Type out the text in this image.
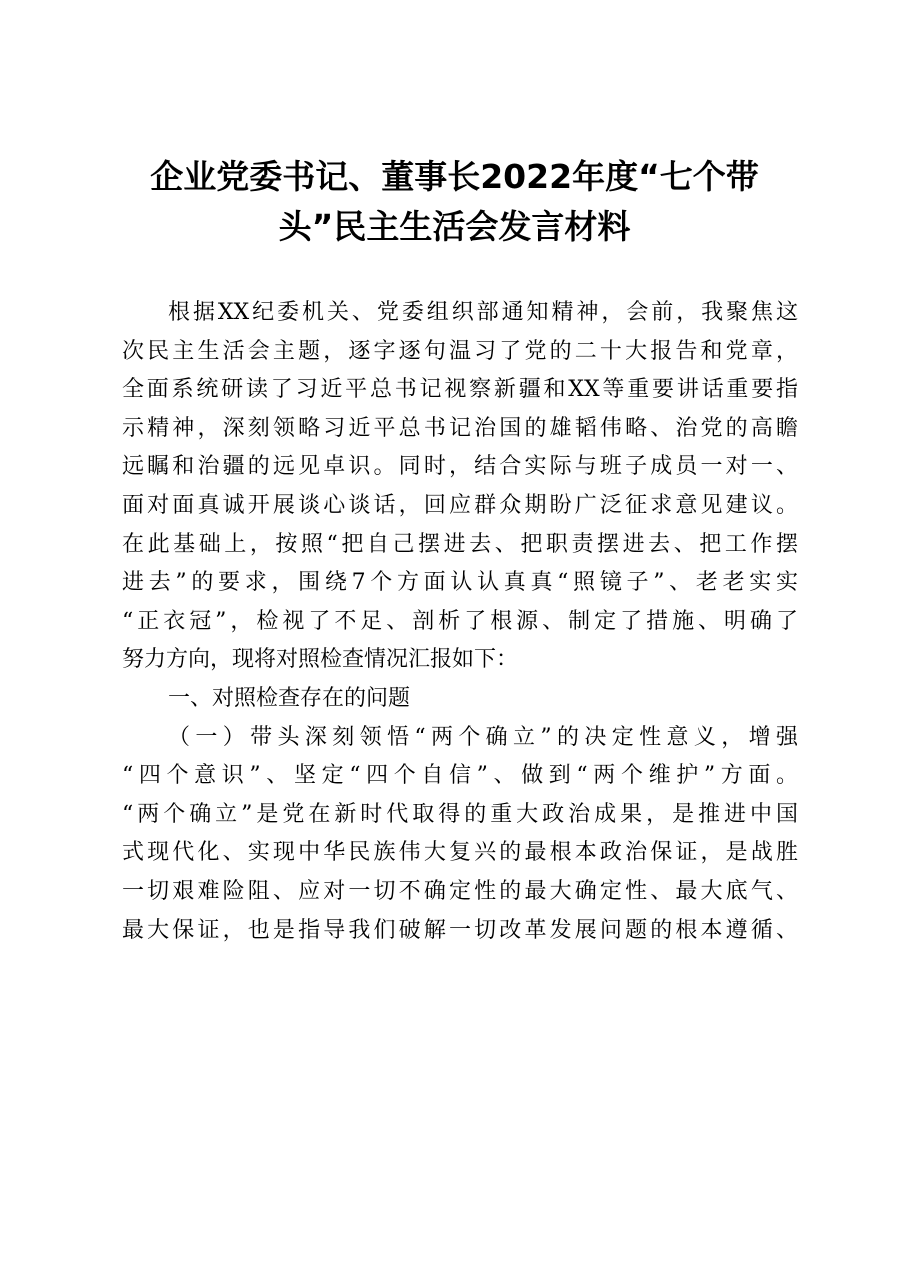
企业党委书记、董事长2022年度“七个带
头”民主生活会发言材料
根据XX纪委机关、党委组织部通知精神，会前，我聚焦这
次民主生活会主题，逐字逐句温习了党的二十大报告和党章，
全面系统研读了习近平总书记视察新疆和XX等重要讲话重要指
示精神，深刻领略习近平总书记治国的雄韬伟略、治党的高瞻
远瞩和治疆的远见卓识。同时，结合实际与班子成员一对一、
面对面真诚开展谈心谈话，回应群众期盼广泛征求意见建议。
在此基础上，按照“把自己摆进去、把职责摆进去、把工作摆
进去”的要求，围绕7个方面认认真真“照镜子”、老老实实
“正衣冠”，检视了不足、剖析了根源、制定了措施、明确了
努力方向，现将对照检查情况汇报如下：
一、对照检查存在的问题
（一）带头深刻领悟“两个确立”的决定性意义，增强
“四个意识”、坚定“四个自信”、做到“两个维护”方面。
“两个确立”是党在新时代取得的重大政治成果，是推进中国
式现代化、实现中华民族伟大复兴的最根本政治保证，是战胜
一切艰难险阻、应对一切不确定性的最大确定性、最大底气、
最大保证，也是指导我们破解一切改革发展问题的根本遵循、
